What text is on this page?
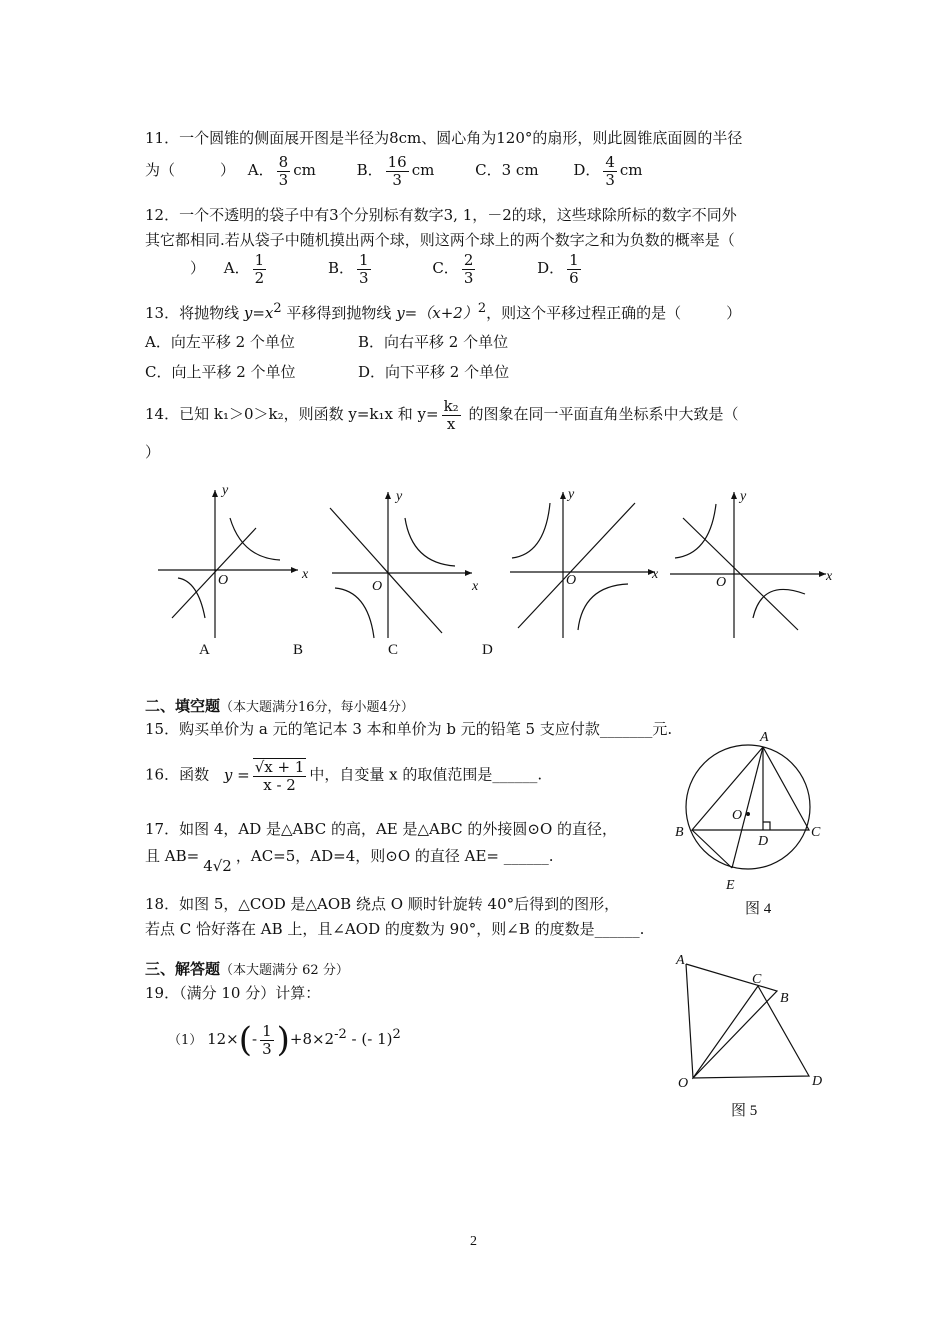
11．一个圆锥的侧面展开图是半径为8cm、圆心角为120°的扇形，则此圆锥底面圆的半径
为（　　　） A． $\frac{8}{3}$ cm	B． $\frac{16}{3}$ cm	C．3 cm D． $\frac{4}{3}$ cm
12．一个不透明的袋子中有3个分别标有数字3, 1，－2的球，这些球除所标的数字不同外
其它都相同.若从袋子中随机摸出两个球，则这两个球上的两个数字之和为负数的概率是（
　　） A． $\frac{1}{2}$	B． $\frac{1}{3}$	C． $\frac{2}{3}$	D． $\frac{1}{6}$
13．将抛物线 $y=x^2$ 平移得到抛物线 $y=(x+2)^2$，则这个平移过程正确的是（　　　）
A．向左平移 2 个单位	B．向右平移 2 个单位
C．向上平移 2 个单位	D．向下平移 2 个单位
14．已知 k₁＞0＞k₂，则函数 y=k₁x 和 $y= \frac{\text{k₂}}{x}$ 的图象在同一平面直角坐标系中大致是（
）
x
y
O	x
y
O
x
y
O	x
y
O
A	B	C	D
二、填空题（本大题满分16分，每小题4分）
15．购买单价为 a 元的笔记本 3 本和单价为 b 元的铅笔 5 支应付款_______元.
16．函数 $y = \frac{√x + 1}{x - 2}$ 中，自变量 x 的取值范围是______.
17．如图 4，AD 是△ABC 的高，AE 是△ABC 的外接圆⊙O 的直径，
且 AB=4√2，AC=5，AD=4，则⊙O 的直径 AE= ______.
18．如图 5，△COD 是△AOB 绕点 O 顺时针旋转 40°后得到的图形，
若点 C 恰好落在 AB 上，且∠AOD 的度数为 90°，则∠B 的度数是______.
三、解答题（本大题满分 62 分）
19．（满分 10 分）计算：
（1） $12\times(- \frac{1}{3} )+8\times 2^{-2}$ - (- 1)$^2$
A
B	C
D
E
O
图 4
A
B
C
O	D
图 5
2
